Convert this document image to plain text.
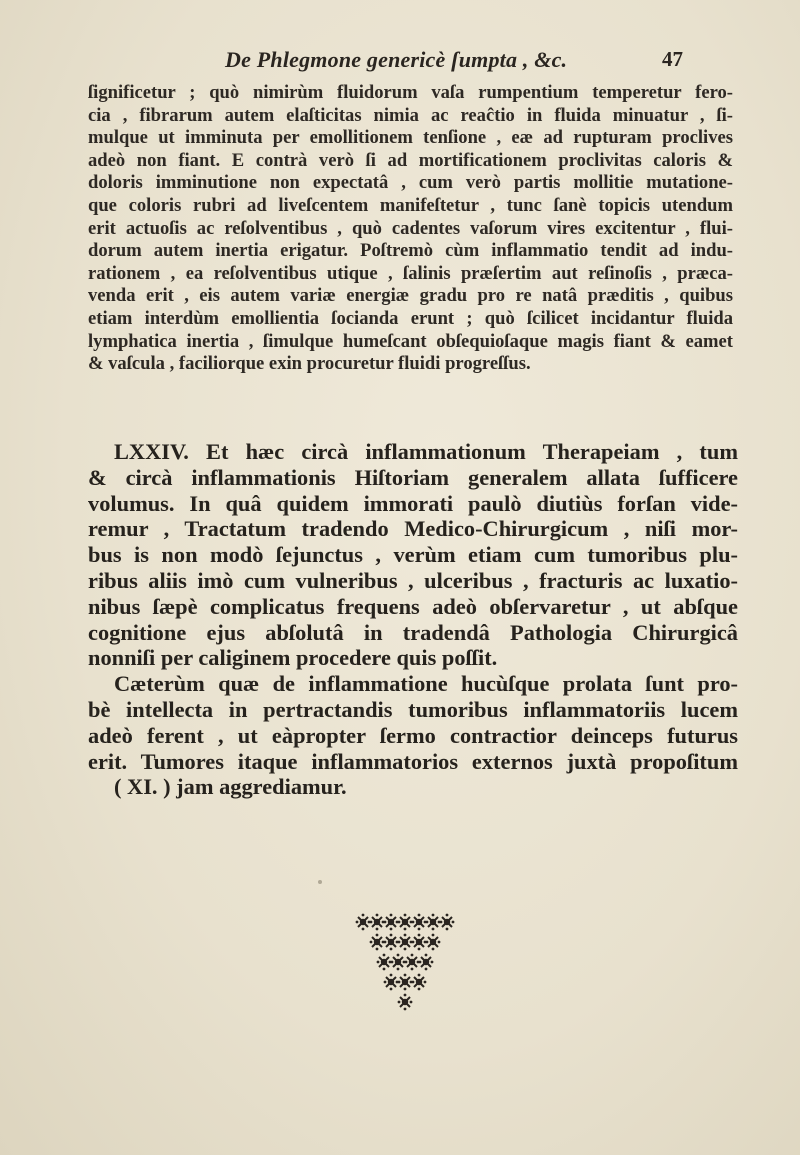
De Phlegmone genericè ſumpta , &c.	47
ſignificetur ; quò nimirùm fluidorum vaſa rumpentium temperetur fero-
cia , fibrarum autem elaſticitas nimia ac reaĉtio in fluida minuatur , ſi-
mulque ut imminuta per emollitionem tenſione , eæ ad rupturam proclives
adeò non fiant. E contrà verò ſi ad mortificationem proclivitas caloris &
doloris imminutione non expectatâ , cum verò partis mollitie mutatione-
que coloris rubri ad liveſcentem manifeſtetur , tunc ſanè topicis utendum
erit actuoſis ac reſolventibus , quò cadentes vaſorum vires excitentur , flui-
dorum autem inertia erigatur. Poſtremò cùm inflammatio tendit ad indu-
rationem , ea reſolventibus utique , ſalinis præſertim aut reſinoſis , præca-
venda erit , eis autem variæ energiæ gradu pro re natâ præditis , quibus
etiam interdùm emollientia ſocianda erunt ; quò ſcilicet incidantur fluida
lymphatica inertia , ſimulque humeſcant obſequioſaque magis fiant & eamet
& vaſcula , faciliorque exin procuretur fluidi progreſſus.
LXXIV. Et hæc circà inflammationum Therapeiam , tum
& circà inflammationis Hiſtoriam generalem allata ſufficere
volumus. In quâ quidem immorati paulò diutiùs forſan vide-
remur , Tractatum tradendo Medico-Chirurgicum , niſi mor-
bus is non modò ſejunctus , verùm etiam cum tumoribus plu-
ribus aliis imò cum vulneribus , ulceribus , fracturis ac luxatio-
nibus ſæpè complicatus frequens adeò obſervaretur , ut abſque
cognitione ejus abſolutâ in tradendâ Pathologia Chirurgicâ
nonniſi per caliginem procedere quis poſſit.
Cæterùm quæ de inflammatione hucùſque prolata ſunt pro-
bè intellecta in pertractandis tumoribus inflammatoriis lucem
adeò ferent , ut eàpropter ſermo contractior deinceps futurus
erit. Tumores itaque inflammatorios externos juxtà propoſitum
( XI. ) jam aggrediamur.
